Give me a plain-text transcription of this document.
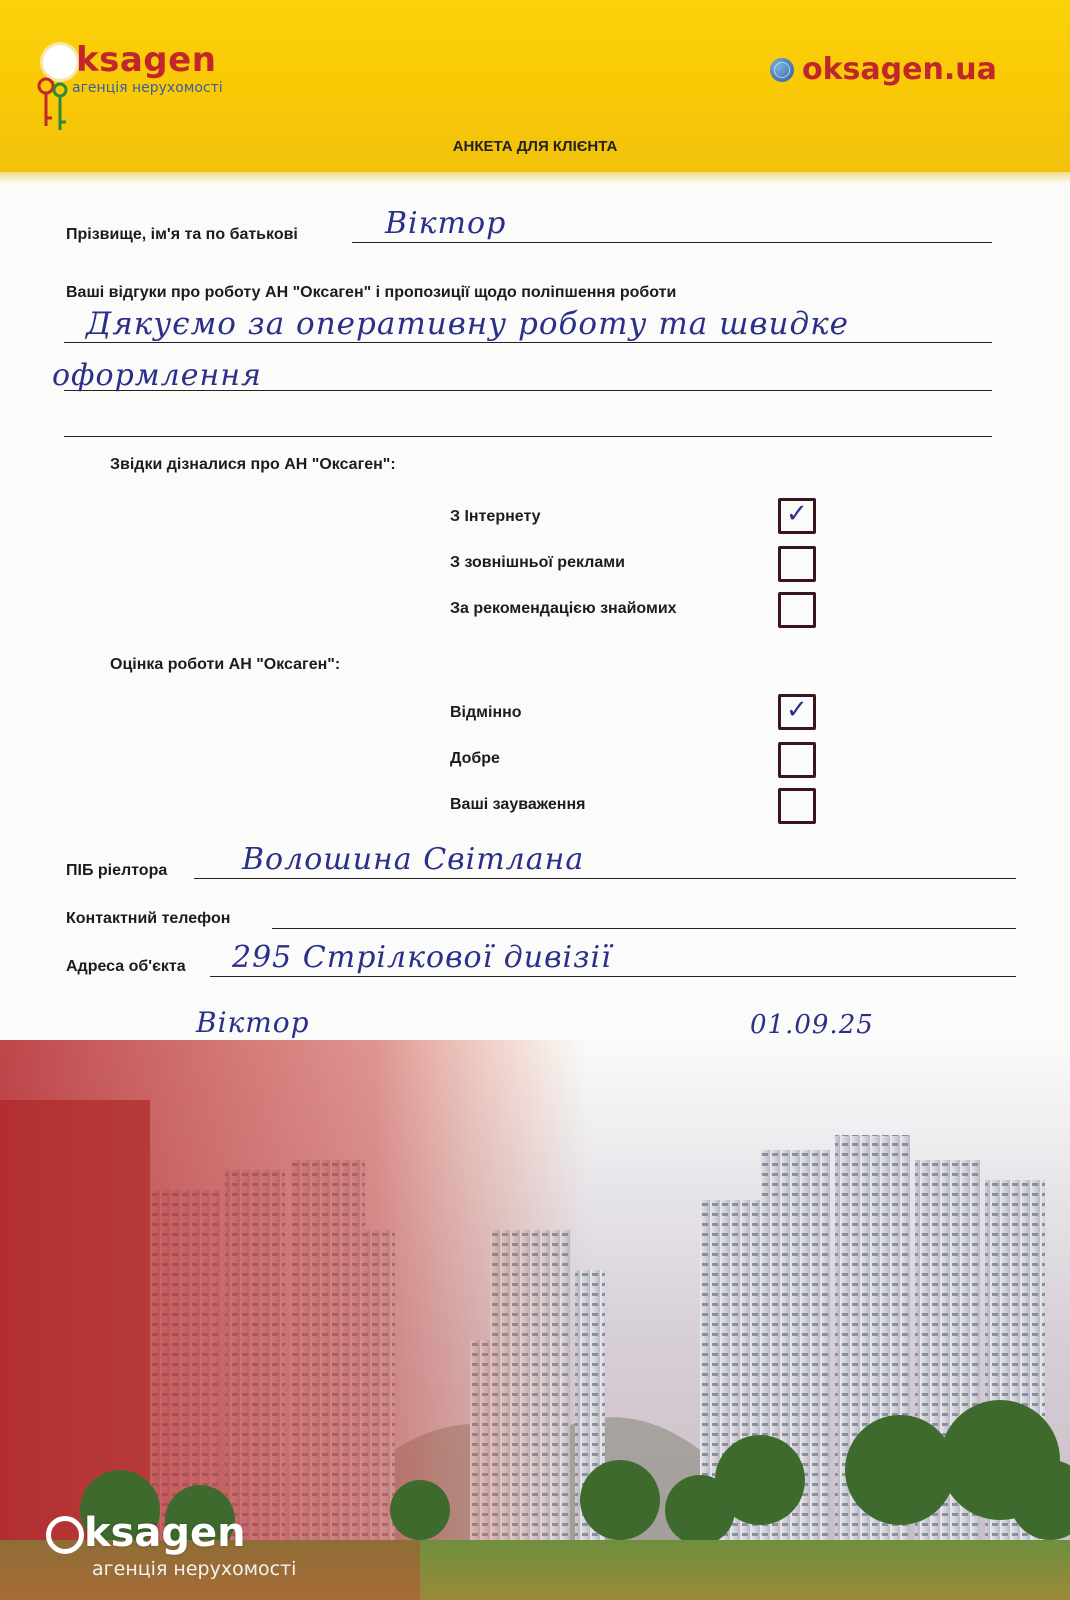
ksagen
агенція нерухомості
oksagen.ua
АНКЕТА ДЛЯ КЛІЄНТА
Прізвище, ім'я та по батькові	Віктор
Ваші відгуки про роботу АН "Оксаген" і пропозиції щодо поліпшення роботи
Дякуємо за оперативну роботу та швидке
оформлення
Звідки дізналися про АН "Оксаген":
З Інтернету	✓
З зовнішньої реклами
За рекомендацією знайомих
Оцінка роботи АН "Оксаген":
Відмінно	✓
Добре
Ваші зауваження
ПІБ ріелтора Волошина Світлана
Контактний телефон
Адреса об'єкта 295 Стрілкової дивізії
Віктор	01.09.25
ksagen
агенція нерухомості
